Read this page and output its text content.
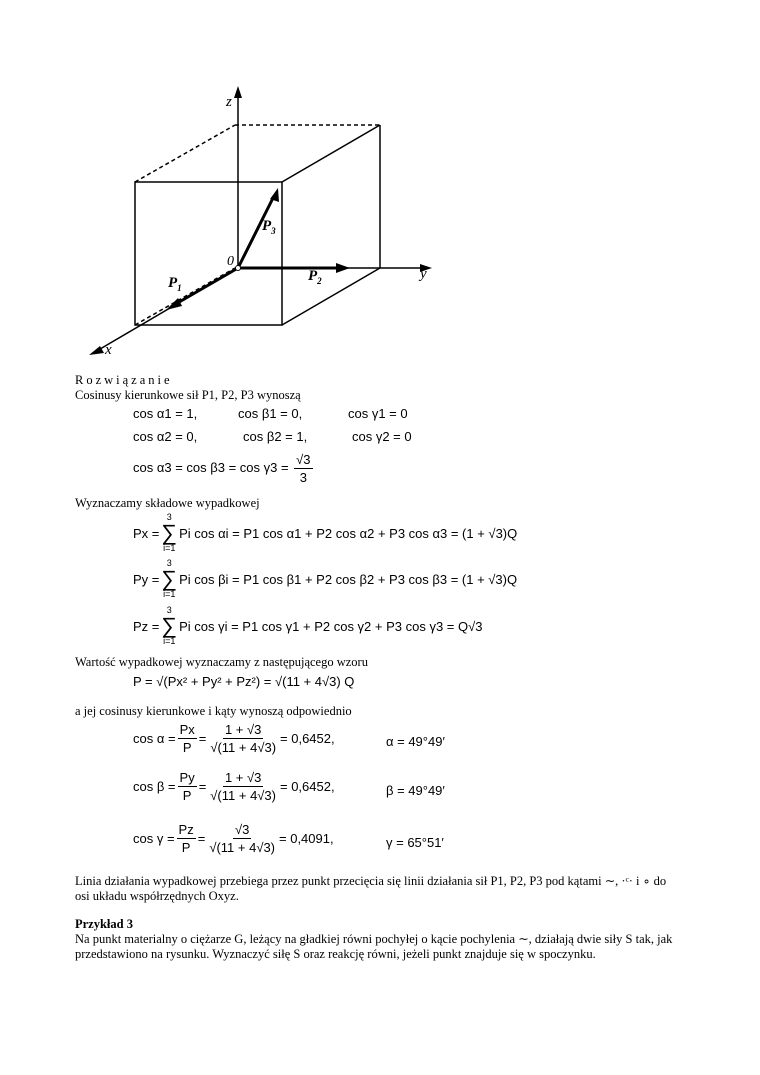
z
y
x
0
$P_1$
$P_2$
$P_3$
Rozwiązanie
Cosinusy kierunkowe sił P1, P2, P3 wynoszą
cos α1 = 1,	cos β1 = 0,	cos γ1 = 0
cos α2 = 0,	cos β2 = 1,	cos γ2 = 0
$\cos \alpha 3 = \cos \beta 3 = \cos \gamma 3 = \frac{√3}{3}$
Wyznaczamy składowe wypadkowej
Px =
3
∑
i=1
Pi cos αi =
P1 cos α1 + P2 cos α2 + P3 cos α3 = (1 + √3)Q
Py =
3
∑
i=1
Pi cos βi =
P1 cos β1 + P2 cos β2 + P3 cos β3 = (1 + √3)Q
Pz =
3
∑
i=1
Pi cos γi =
P1 cos γ1 + P2 cos γ2 + P3 cos γ3 = Q√3
Wartość wypadkowej wyznaczamy z następującego wzoru
P = √(Px² + Py² + Pz²) = √(11 + 4√3) Q
a jej cosinusy kierunkowe i kąty wynoszą odpowiednio
$\cos \alpha = \frac{Px}{P} = \frac{1 + √3}{√(11 + 4√3)} = 0,6452$,	α = 49°49′
$\cos \beta = \frac{Py}{P} = \frac{1 + √3}{√(11 + 4√3)} = 0,6452$,	β = 49°49′
$\cos \gamma = \frac{Pz}{P} = \frac{√3}{√(11 + 4√3)} = 0,4091$,	γ = 65°51′
Linia działania wypadkowej przebiega przez punkt przecięcia się linii działania sił P1, P2, P3 pod kątami ∼, ·ᶜ· i ∘ do
osi układu współrzędnych Oxyz.
Przykład 3
Na punkt materialny o ciężarze G, leżący na gładkiej równi pochyłej o kącie pochylenia ∼, działają dwie siły S tak, jak
przedstawiono na rysunku. Wyznaczyć siłę S oraz reakcję równi, jeżeli punkt znajduje się w spoczynku.
